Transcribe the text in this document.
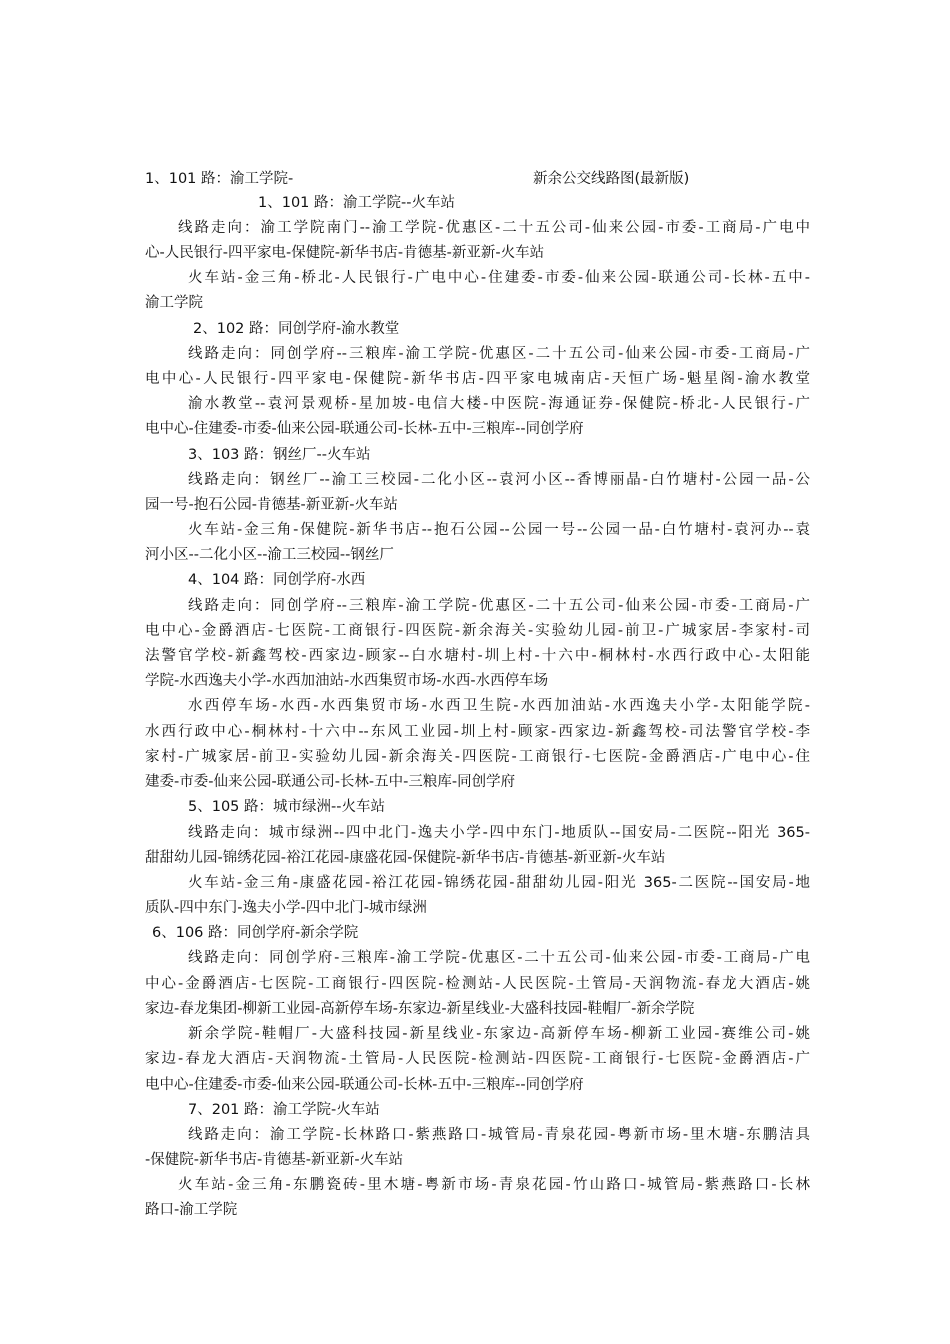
1、101 路：渝工学院-	新余公交线路图(最新版)
1、101 路：渝工学院--火车站
线路走向：渝工学院南门--渝工学院-优惠区-二十五公司-仙来公园-市委-工商局-广电中
心-人民银行-四平家电-保健院-新华书店-肯德基-新亚新-火车站
火车站-金三角-桥北-人民银行-广电中心-住建委-市委-仙来公园-联通公司-长林-五中-
渝工学院
2、102 路：同创学府-渝水教堂
线路走向：同创学府--三粮库-渝工学院-优惠区-二十五公司-仙来公园-市委-工商局-广
电中心-人民银行-四平家电-保健院-新华书店-四平家电城南店-天恒广场-魁星阁-渝水教堂
渝水教堂--袁河景观桥-星加坡-电信大楼-中医院-海通证券-保健院-桥北-人民银行-广
电中心-住建委-市委-仙来公园-联通公司-长林-五中-三粮库--同创学府
3、103 路：钢丝厂--火车站
线路走向：钢丝厂--渝工三校园-二化小区--袁河小区--香博丽晶-白竹塘村-公园一品-公
园一号-抱石公园-肯德基-新亚新-火车站
火车站-金三角-保健院-新华书店--抱石公园--公园一号--公园一品-白竹塘村-袁河办--袁
河小区--二化小区--渝工三校园--钢丝厂
4、104 路：同创学府-水西
线路走向：同创学府--三粮库-渝工学院-优惠区-二十五公司-仙来公园-市委-工商局-广
电中心-金爵酒店-七医院-工商银行-四医院-新余海关-实验幼儿园-前卫-广城家居-李家村-司
法警官学校-新鑫驾校-西家边-顾家--白水塘村-圳上村-十六中-桐林村-水西行政中心-太阳能
学院-水西逸夫小学-水西加油站-水西集贸市场-水西-水西停车场
水西停车场-水西-水西集贸市场-水西卫生院-水西加油站-水西逸夫小学-太阳能学院-
水西行政中心-桐林村-十六中--东风工业园-圳上村-顾家-西家边-新鑫驾校-司法警官学校-李
家村-广城家居-前卫-实验幼儿园-新余海关-四医院-工商银行-七医院-金爵酒店-广电中心-住
建委-市委-仙来公园-联通公司-长林-五中-三粮库-同创学府
5、105 路：城市绿洲--火车站
线路走向：城市绿洲--四中北门-逸夫小学-四中东门-地质队--国安局-二医院--阳光 365-
甜甜幼儿园-锦绣花园-裕江花园-康盛花园-保健院-新华书店-肯德基-新亚新-火车站
火车站-金三角-康盛花园-裕江花园-锦绣花园-甜甜幼儿园-阳光 365-二医院--国安局-地
质队-四中东门-逸夫小学-四中北门-城市绿洲
6、106 路：同创学府-新余学院
线路走向：同创学府-三粮库-渝工学院-优惠区-二十五公司-仙来公园-市委-工商局-广电
中心-金爵酒店-七医院-工商银行-四医院-检测站-人民医院-土管局-天润物流-春龙大酒店-姚
家边-春龙集团-柳新工业园-高新停车场-东家边-新星线业-大盛科技园-鞋帽厂-新余学院
新余学院-鞋帽厂-大盛科技园-新星线业-东家边-高新停车场-柳新工业园-赛维公司-姚
家边-春龙大酒店-天润物流-土管局-人民医院-检测站-四医院-工商银行-七医院-金爵酒店-广
电中心-住建委-市委-仙来公园-联通公司-长林-五中-三粮库--同创学府
7、201 路：渝工学院-火车站
线路走向：渝工学院-长林路口-紫燕路口-城管局-青泉花园-粤新市场-里木塘-东鹏洁具
-保健院-新华书店-肯德基-新亚新-火车站
火车站-金三角-东鹏瓷砖-里木塘-粤新市场-青泉花园-竹山路口-城管局-紫燕路口-长林
路口-渝工学院
